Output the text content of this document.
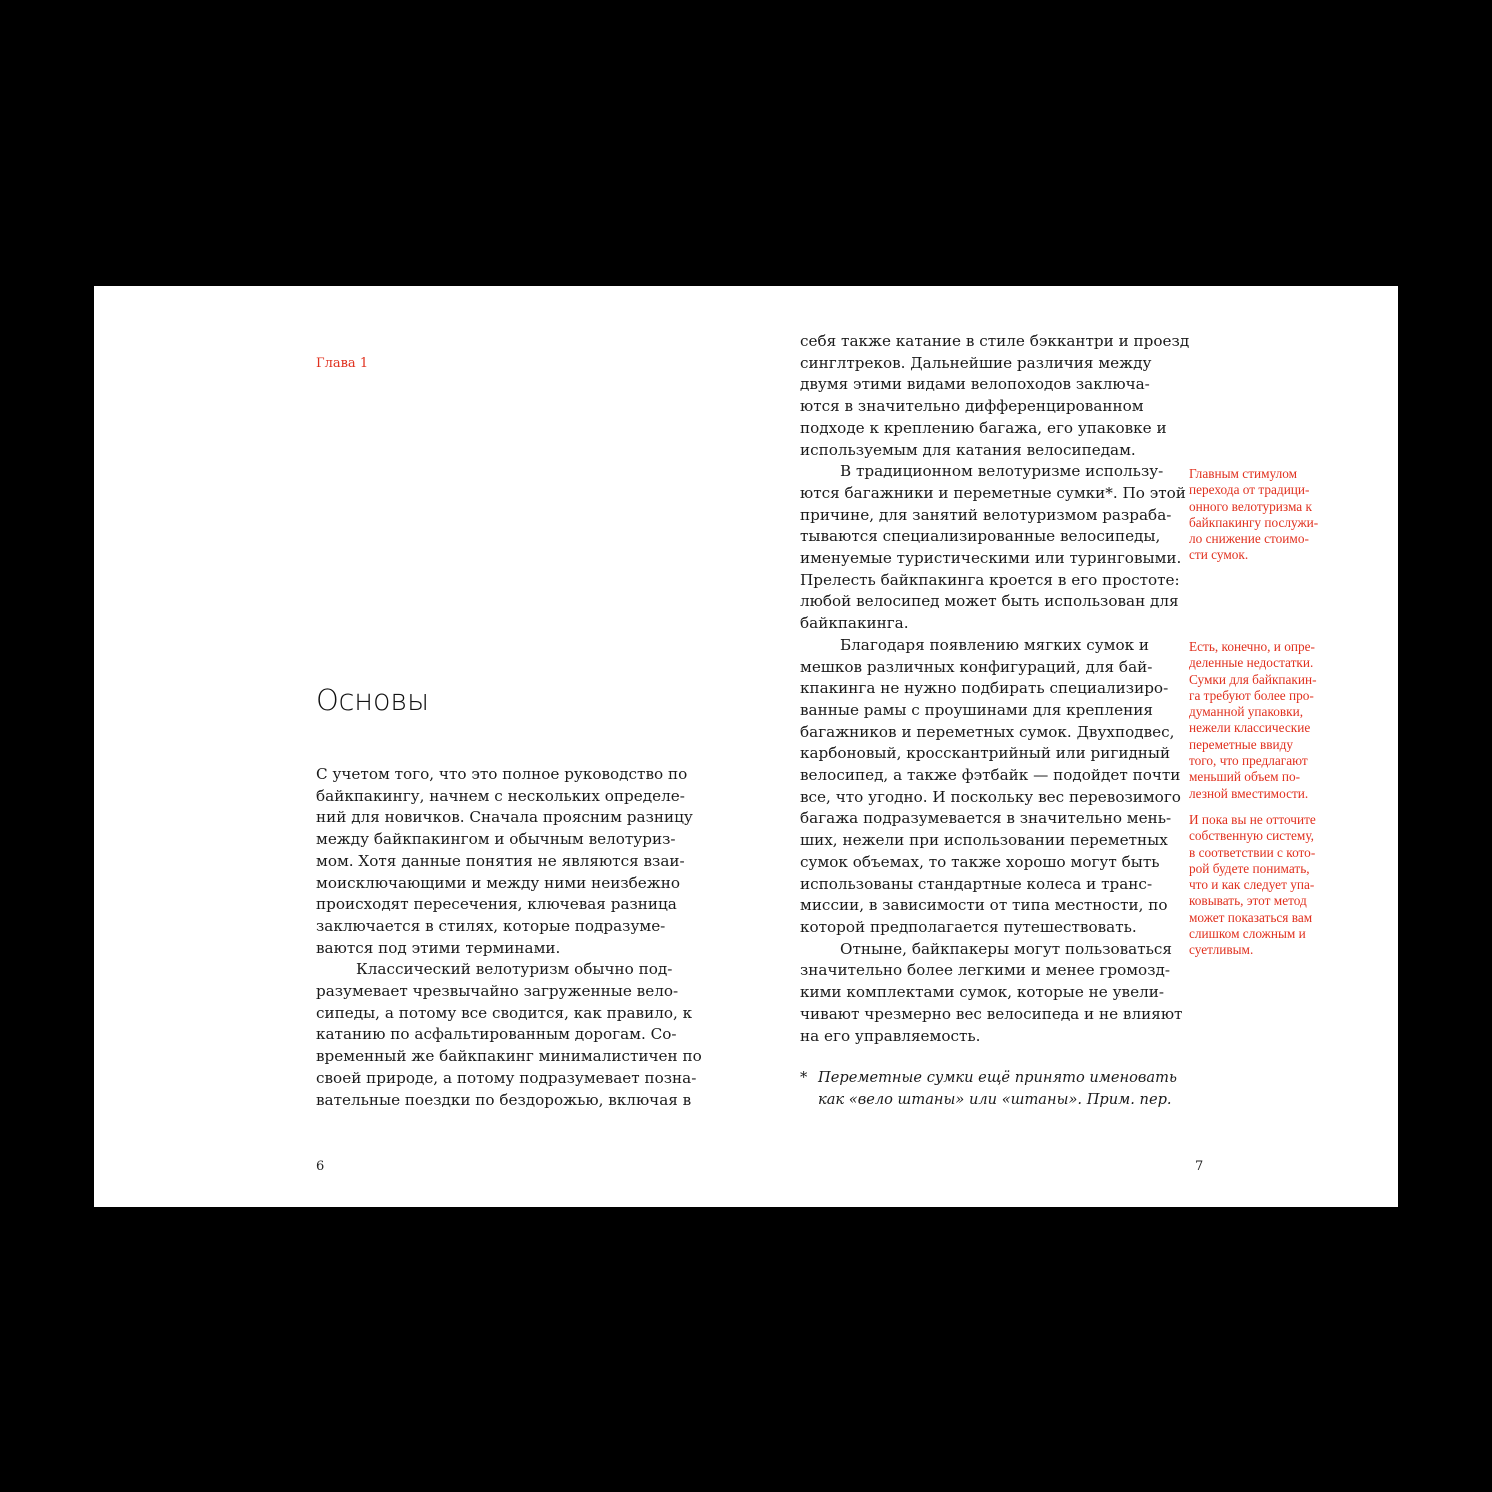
Глава 1
Основы
С учетом того, что это полное руководство по
байкпакингу, начнем с нескольких определе-
ний для новичков. Сначала проясним разницу
между байкпакингом и обычным велотуриз-
мом. Хотя данные понятия не являются взаи-
моисключающими и между ними неизбежно
происходят пересечения, ключевая разница
заключается в стилях, которые подразуме-
ваются под этими терминами.
Классический велотуризм обычно под-
разумевает чрезвычайно загруженные вело-
сипеды, а потому все сводится, как правило, к
катанию по асфальтированным дорогам. Со-
временный же байкпакинг минималистичен по
своей природе, а потому подразумевает позна-
вательные поездки по бездорожью, включая в
6
себя также катание в стиле бэккантри и проезд
синглтреков. Дальнейшие различия между
двумя этими видами велопоходов заключа-
ются в значительно дифференцированном
подходе к креплению багажа, его упаковке и
используемым для катания велосипедам.
В традиционном велотуризме использу-
ются багажники и переметные сумки*. По этой
причине, для занятий велотуризмом разраба-
тываются специализированные велосипеды,
именуемые туристическими или туринговыми.
Прелесть байкпакинга кроется в его простоте:
любой велосипед может быть использован для
байкпакинга.
Благодаря появлению мягких сумок и
мешков различных конфигураций, для бай-
кпакинга не нужно подбирать специализиро-
ванные рамы с проушинами для крепления
багажников и переметных сумок. Двухподвес,
карбоновый, кросскантрийный или ригидный
велосипед, а также фэтбайк — подойдет почти
все, что угодно. И поскольку вес перевозимого
багажа подразумевается в значительно мень-
ших, нежели при использовании переметных
сумок объемах, то также хорошо могут быть
использованы стандартные колеса и транс-
миссии, в зависимости от типа местности, по
которой предполагается путешествовать.
Отныне, байкпакеры могут пользоваться
значительно более легкими и менее громозд-
кими комплектами сумок, которые не увели-
чивают чрезмерно вес велосипеда и не влияют
на его управляемость.
* Переметные сумки ещё принято именовать
как «вело штаны» или «штаны». Прим. пер.
Главным стимулом
перехода от традици-
онного велотуризма к
байкпакингу послужи-
ло снижение стоимо-
сти сумок.
Есть, конечно, и опре-
деленные недостатки.
Сумки для байкпакин-
га требуют более про-
думанной упаковки,
нежели классические
переметные ввиду
того, что предлагают
меньший объем по-
лезной вместимости.
И пока вы не отточите
собственную систему,
в соответствии с кото-
рой будете понимать,
что и как следует упа-
ковывать, этот метод
может показаться вам
слишком сложным и
суетливым.
7
